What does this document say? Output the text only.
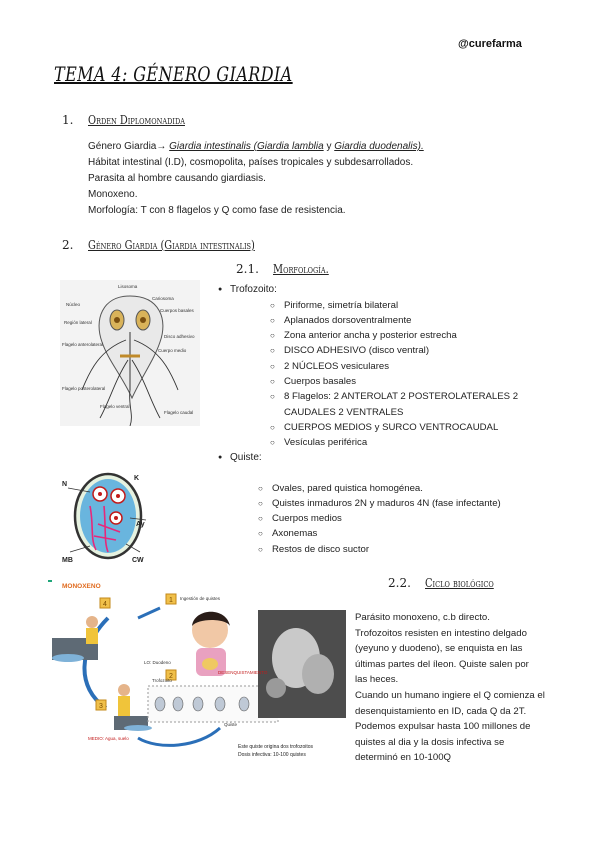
@curefarma
TEMA 4: GÉNERO GIARDIA
1. Orden Diplomonadida

Género Giardia→ Giardia intestinalis (Giardia lamblia y Giardia duodenalis).

Hábitat intestinal (I.D), cosmopolita, países tropicales y subdesarrollados.

Parasita al hombre causando giardiasis.

Monoxeno.

Morfología: T con 8 flagelos y Q como fase de resistencia.

2. Género Giardia (Giardia intestinalis)
2.1. Morfología.
Lisosoma
Núcleo
Cariosoma
Cuerpos basales
Región lateral
Disco adhesivo
Flagelo anterolateral
Cuerpo medio
Flagelo posterolateral
Flagelo ventral
Flagelo caudal
● Trofozoito:
○ Piriforme, simetría bilateral
○ Aplanados dorsoventralmente
○ Zona anterior ancha y posterior estrecha
○ DISCO ADHESIVO (disco ventral)
○ 2 NÚCLEOS vesiculares
○ Cuerpos basales
○ 8 Flagelos: 2 ANTEROLAT 2 POSTEROLATERALES 2 CAUDALES 2 VENTRALES
○ CUERPOS MEDIOS y SURCO VENTROCAUDAL
○ Vesículas periférica
N
K
Ay
MB	CW
● Quiste:
○ Ovales, pared quistica homogénea.
○ Quistes inmaduros 2N y maduros 4N (fase infectante)
○ Cuerpos medios
○ Axonemas
○ Restos de disco suctor
2.2. Ciclo biológico
MONOXENO
1
2
3
4
Ingestión de quistes
LO: Duodeno
DESENQUISTAMIENTO
MEDIO: Agua, suelo
Trofozoito
Quiste
Este quiste origina dos trofozoitos
Dosis infectiva: 10-100 quistes
Parásito monoxeno, c.b directo.
Trofozoitos resisten en intestino delgado
(yeyuno y duodeno), se enquista en las
últimas partes del íleon. Quiste salen por
las heces.
Cuando un humano ingiere el Q comienza el
desenquistamiento en ID, cada Q da 2T.
Podemos expulsar hasta 100 millones de
quistes al dia y la dosis infectiva se
determinó en 10-100Q
